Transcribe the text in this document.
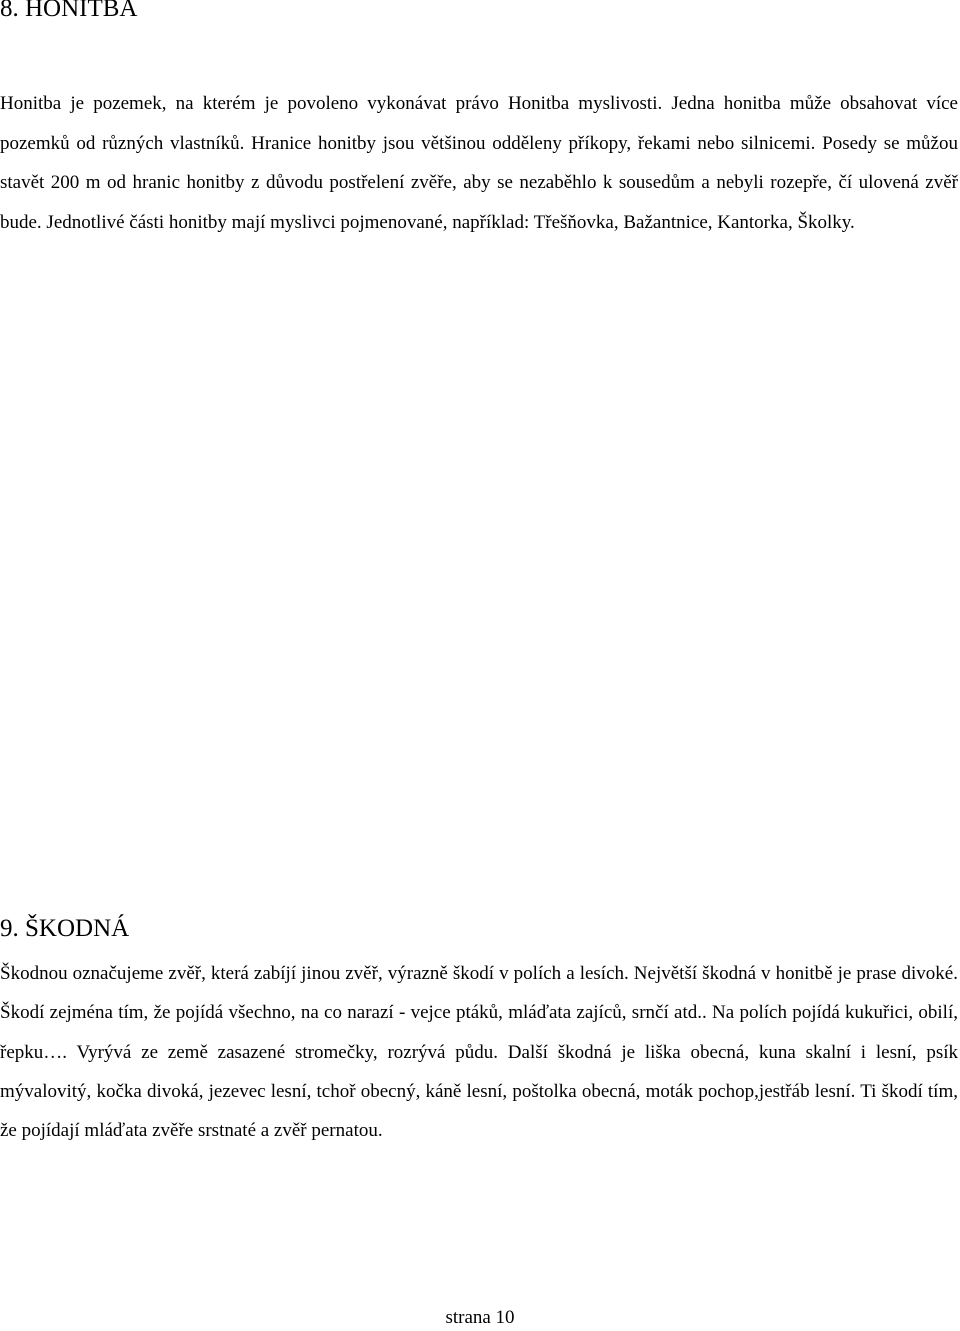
8. HONITBA

Honitba je pozemek, na kterém je povoleno vykonávat právo Honitba myslivosti. Jedna honitba může obsahovat více pozemků od různých vlastníků. Hranice honitby jsou většinou odděleny příkopy, řekami nebo silnicemi. Posedy se můžou stavět 200 m od hranic honitby z důvodu postřelení zvěře, aby se nezaběhlo k sousedům a nebyli rozepře, čí ulovená zvěř bude. Jednotlivé části honitby mají myslivci pojmenované, například: Třešňovka, Bažantnice, Kantorka, Školky.

9. ŠKODNÁ

Škodnou označujeme zvěř, která zabíjí jinou zvěř, výrazně škodí v polích a lesích. Největší škodná v honitbě je prase divoké. Škodí zejména tím, že pojídá všechno, na co narazí - vejce ptáků, mláďata zajíců, srnčí atd.. Na polích pojídá kukuřici, obilí, řepku…. Vyrývá ze země zasazené stromečky, rozrývá půdu. Další škodná je liška obecná, kuna skalní i lesní, psík mývalovitý, kočka divoká, jezevec lesní, tchoř obecný, káně lesní, poštolka obecná, moták pochop,jestřáb lesní. Ti škodí tím, že pojídají mláďata zvěře srstnaté a zvěř pernatou.

strana 10
